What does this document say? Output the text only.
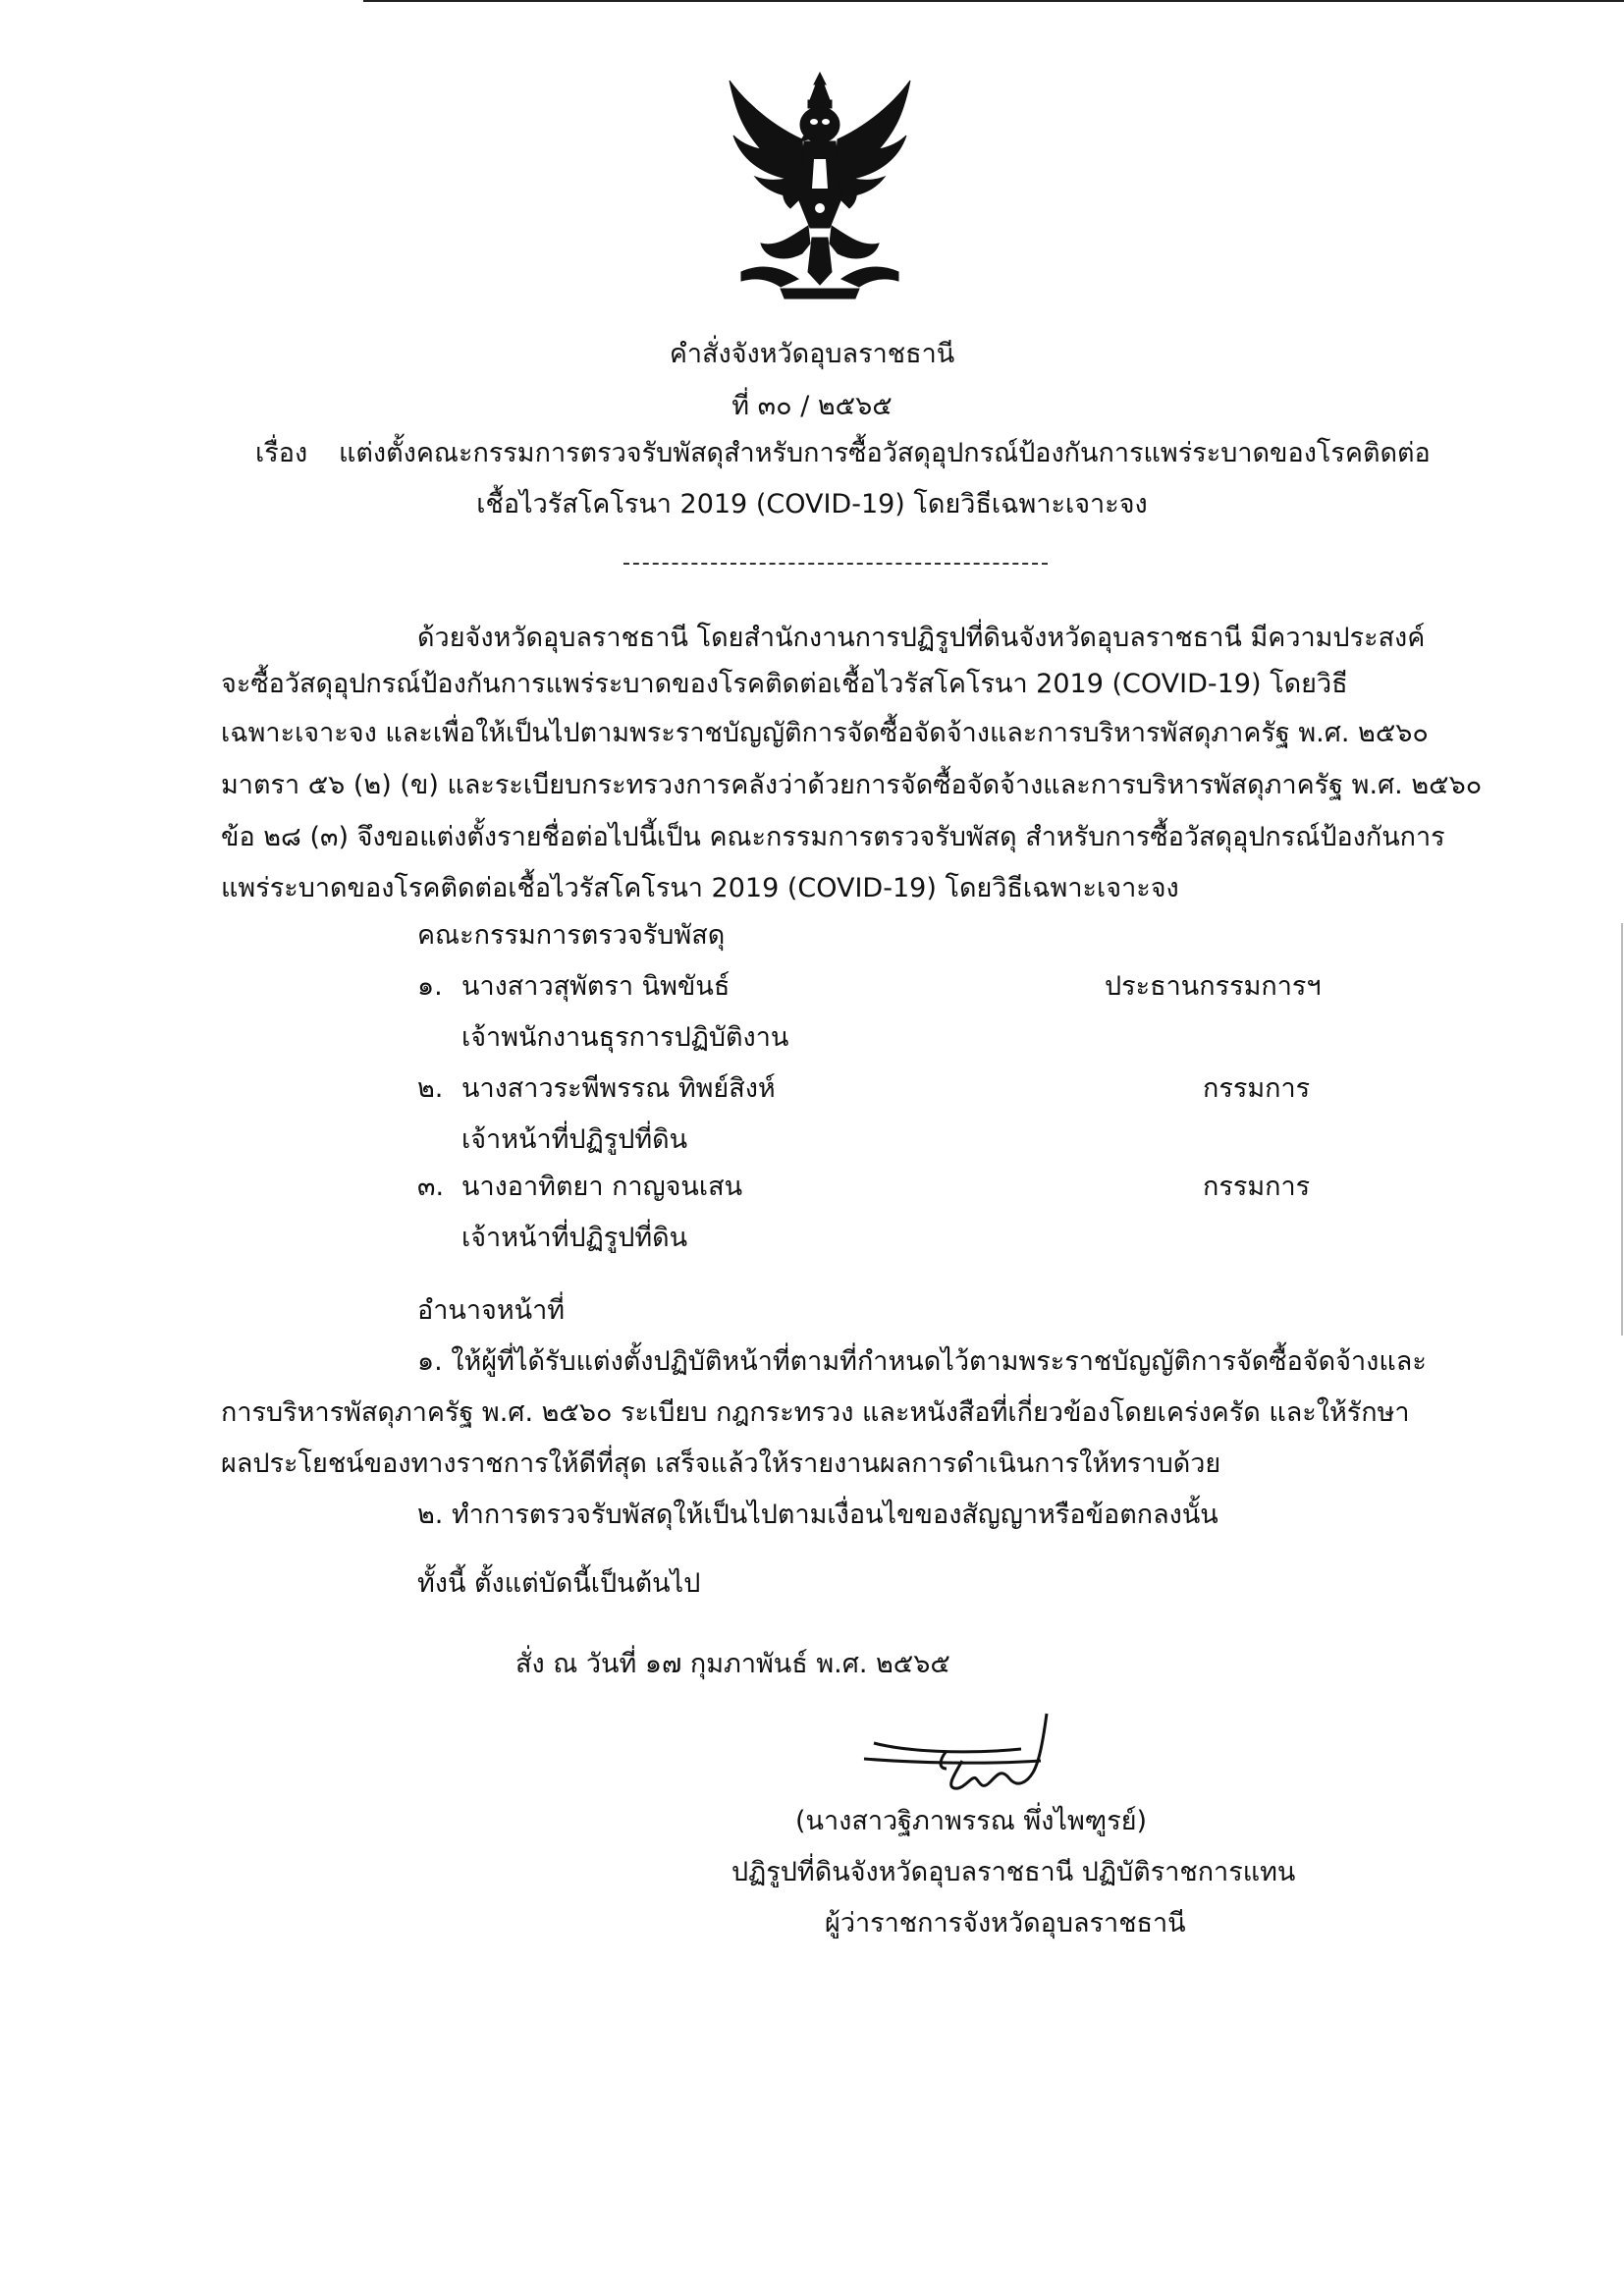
คำสั่งจังหวัดอุบลราชธานี
ที่ ๓๐ / ๒๕๖๕
เรื่อง แต่งตั้งคณะกรรมการตรวจรับพัสดุสำหรับการซื้อวัสดุอุปกรณ์ป้องกันการแพร่ระบาดของโรคติดต่อ
เชื้อไวรัสโคโรนา 2019 (COVID-19) โดยวิธีเฉพาะเจาะจง
ด้วยจังหวัดอุบลราชธานี โดยสำนักงานการปฏิรูปที่ดินจังหวัดอุบลราชธานี มีความประสงค์
จะซื้อวัสดุอุปกรณ์ป้องกันการแพร่ระบาดของโรคติดต่อเชื้อไวรัสโคโรนา 2019 (COVID-19) โดยวิธี
เฉพาะเจาะจง และเพื่อให้เป็นไปตามพระราชบัญญัติการจัดซื้อจัดจ้างและการบริหารพัสดุภาครัฐ พ.ศ. ๒๕๖๐
มาตรา ๕๖ (๒) (ข) และระเบียบกระทรวงการคลังว่าด้วยการจัดซื้อจัดจ้างและการบริหารพัสดุภาครัฐ พ.ศ. ๒๕๖๐
ข้อ ๒๘ (๓) จึงขอแต่งตั้งรายชื่อต่อไปนี้เป็น คณะกรรมการตรวจรับพัสดุ สำหรับการซื้อวัสดุอุปกรณ์ป้องกันการ
แพร่ระบาดของโรคติดต่อเชื้อไวรัสโคโรนา 2019 (COVID-19) โดยวิธีเฉพาะเจาะจง
คณะกรรมการตรวจรับพัสดุ
๑. นางสาวสุพัตรา นิพขันธ์	ประธานกรรมการฯ
เจ้าพนักงานธุรการปฏิบัติงาน
๒. นางสาวระพีพรรณ ทิพย์สิงห์	กรรมการ
เจ้าหน้าที่ปฏิรูปที่ดิน
๓. นางอาทิตยา กาญจนเสน	กรรมการ
เจ้าหน้าที่ปฏิรูปที่ดิน
อำนาจหน้าที่
๑. ให้ผู้ที่ได้รับแต่งตั้งปฏิบัติหน้าที่ตามที่กำหนดไว้ตามพระราชบัญญัติการจัดซื้อจัดจ้างและ
การบริหารพัสดุภาครัฐ พ.ศ. ๒๕๖๐ ระเบียบ กฎกระทรวง และหนังสือที่เกี่ยวข้องโดยเคร่งครัด และให้รักษา
ผลประโยชน์ของทางราชการให้ดีที่สุด เสร็จแล้วให้รายงานผลการดำเนินการให้ทราบด้วย
๒. ทำการตรวจรับพัสดุให้เป็นไปตามเงื่อนไขของสัญญาหรือข้อตกลงนั้น
ทั้งนี้ ตั้งแต่บัดนี้เป็นต้นไป
สั่ง ณ วันที่ ๑๗ กุมภาพันธ์ พ.ศ. ๒๕๖๕
(นางสาวฐิภาพรรณ พึ่งไพฑูรย์)
ปฏิรูปที่ดินจังหวัดอุบลราชธานี ปฏิบัติราชการแทน
ผู้ว่าราชการจังหวัดอุบลราชธานี
